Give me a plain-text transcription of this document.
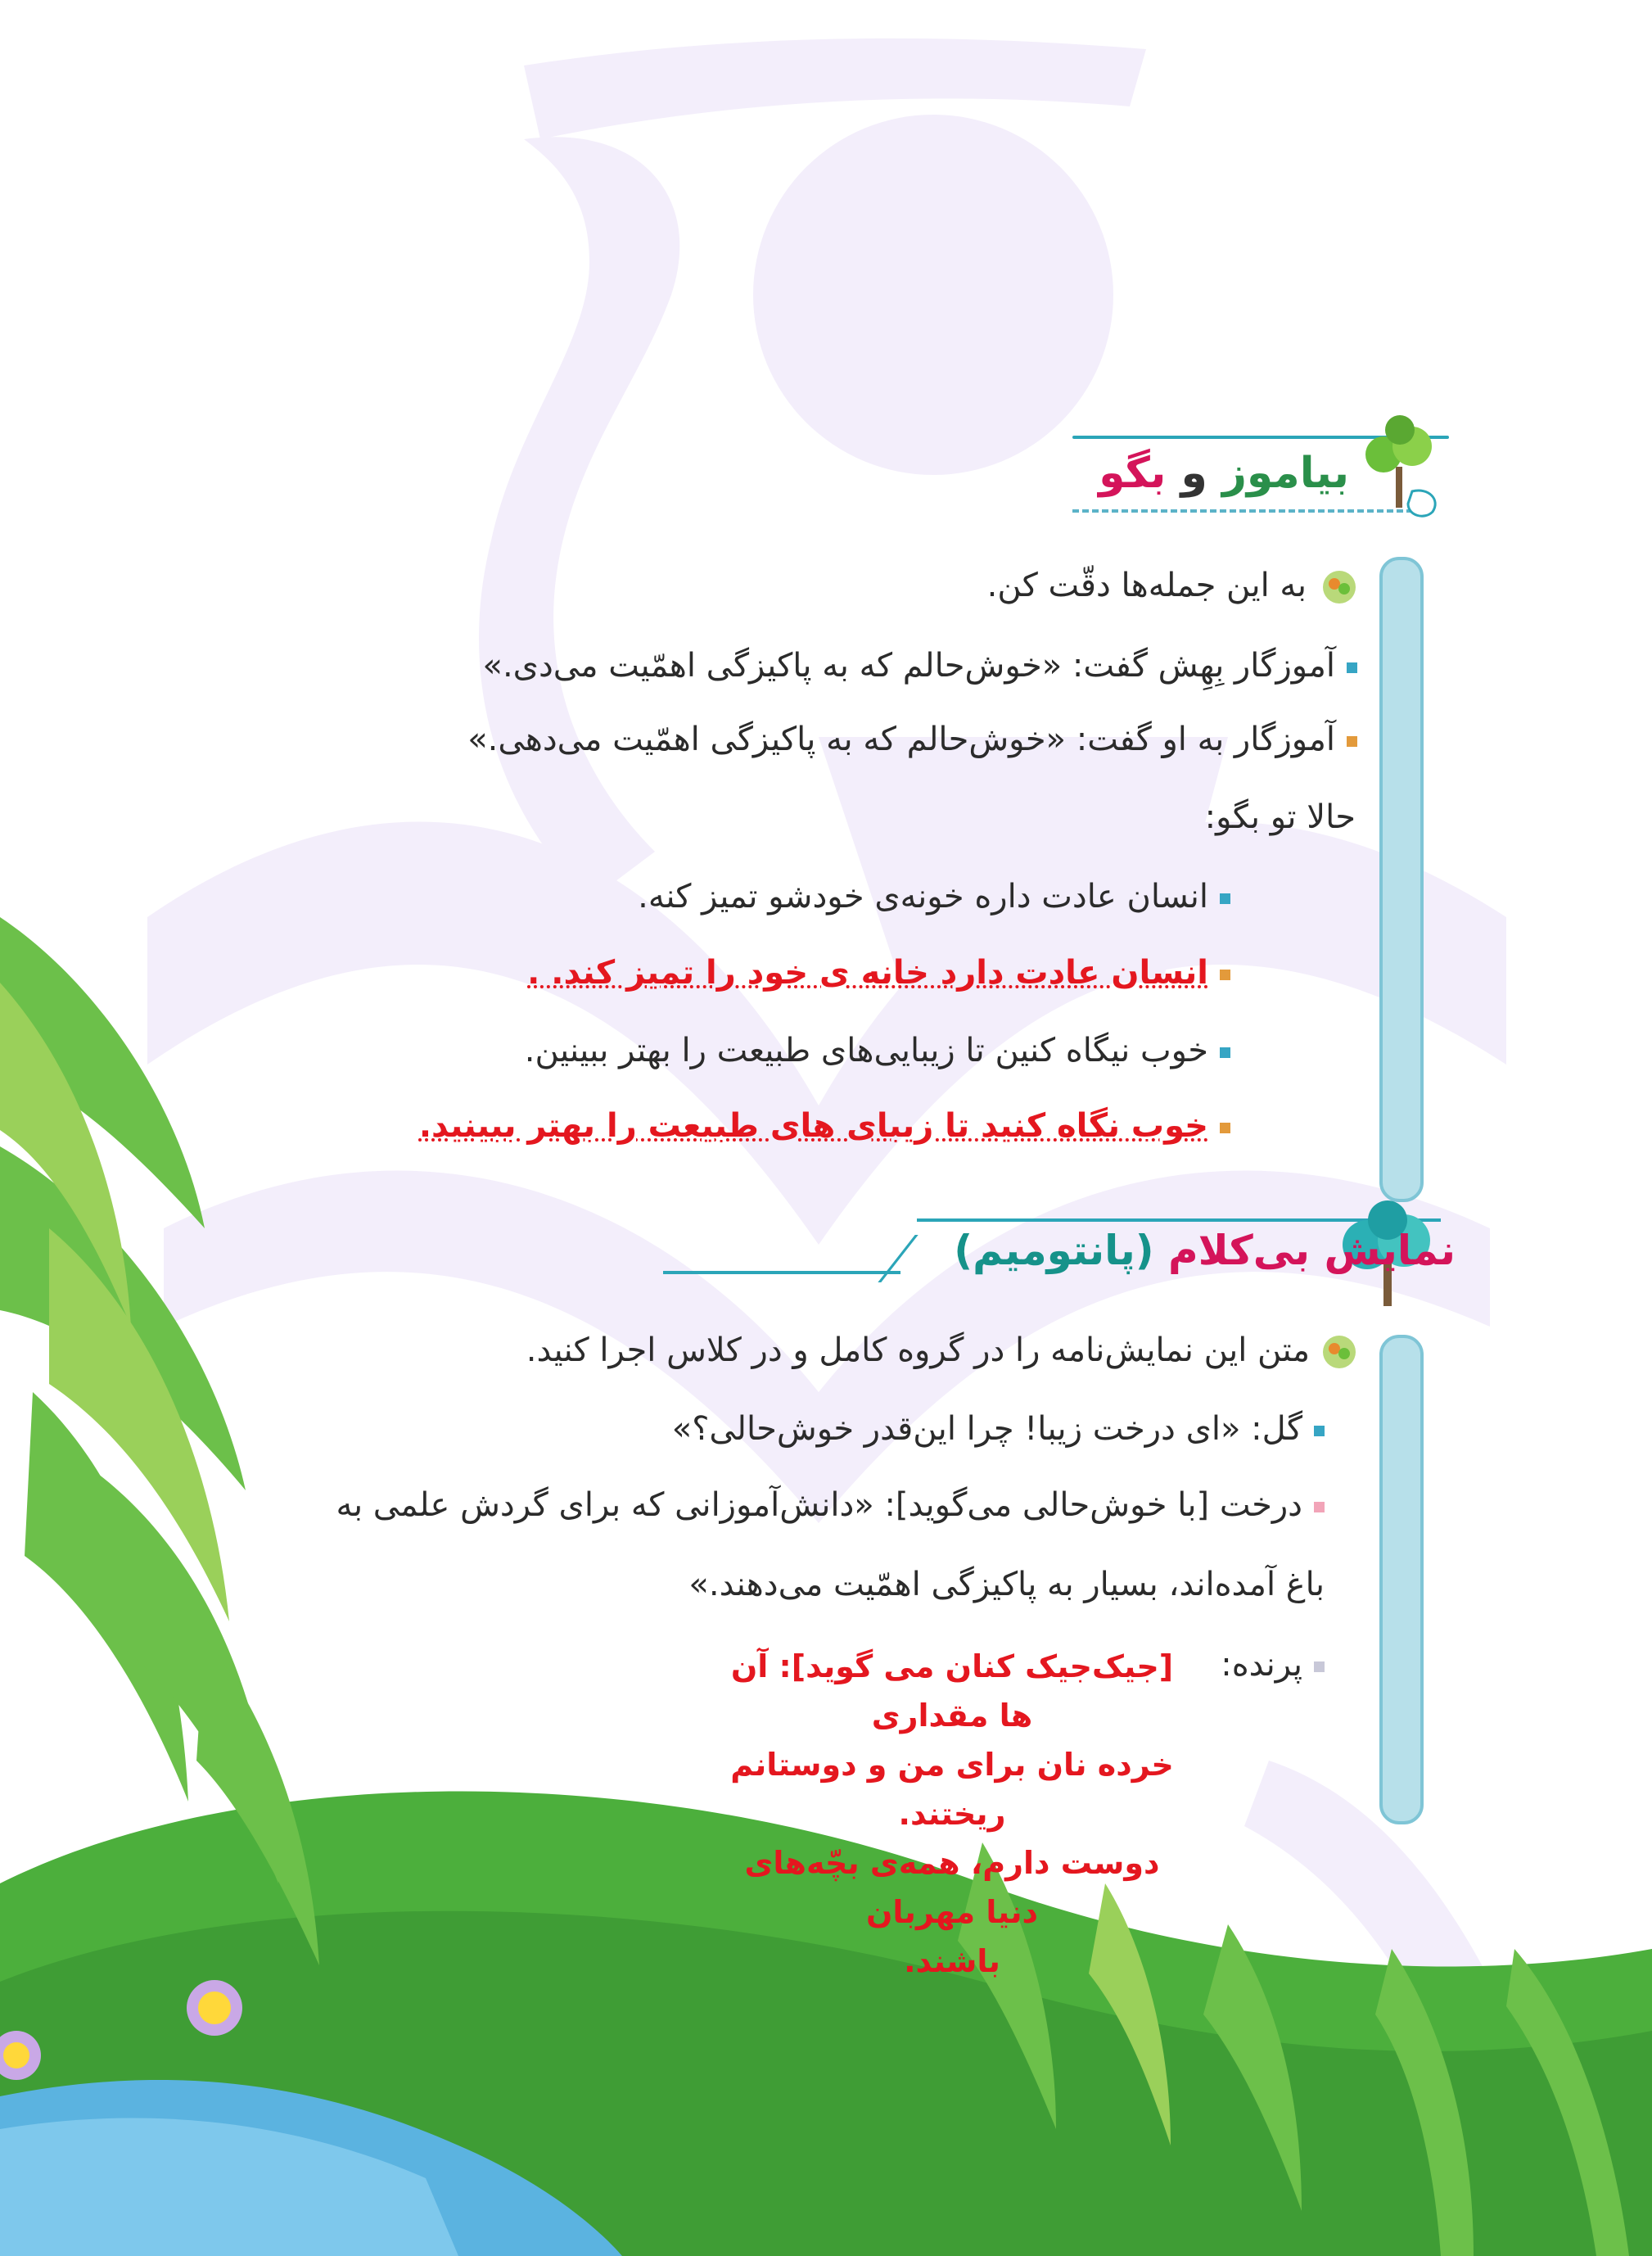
بیاموز و بگو
به این جمله‌ها دقّت کن.
آموزگار بِهِش گفت: «خوش‌حالم که به پاکیزگی اهمّیت می‌دی.»
آموزگار به او گفت: «خوش‌حالم که به پاکیزگی اهمّیت می‌دهی.»
حالا تو بگو:
انسان عادت داره خونه‌ی خودشو تمیز کنه.
انسان عادت دارد خانه ی خود را تمیز کند. .
خوب نیگاه کنین تا زیبایی‌های طبیعت را بهتر ببینین.
خوب نگاه کنید تا زیبای های طبیعت را بهتر ببینید.
نمایش بی‌کلام (پانتومیم)
متن این نمایش‌نامه را در گروه کامل و در کلاس اجرا کنید.
گل: «ای درخت زیبا! چرا این‌قدر خوش‌حالی؟»
درخت [با خوش‌حالی می‌گوید]: «دانش‌آموزانی که برای گردش علمی به
باغ آمده‌اند، بسیار به پاکیزگی اهمّیت می‌دهند.»
پرنده:
[جیک‌جیک کنان می گوید]: آن ها مقداری
خرده نان برای من و دوستانم ریختند.
دوست دارم، همه‌ی بچّه‌های دنیا مهربان
باشند.
